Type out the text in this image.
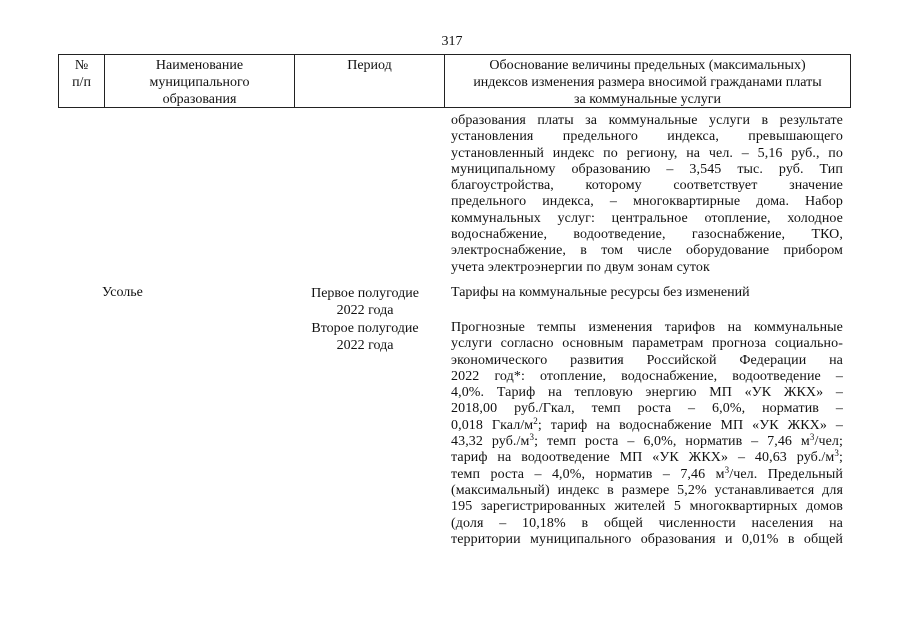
317
№
п/п
Наименование
муниципального
образования
Период	Обоснование величины предельных (максимальных)
индексов изменения размера вносимой гражданами платы
за коммунальные услуги
образования платы за коммунальные услуги в результате
установления предельного индекса, превышающего
установленный индекс по региону, на чел. – 5,16 руб., по
муниципальному образованию – 3,545 тыс. руб. Тип
благоустройства, которому соответствует значение
предельного индекса, – многоквартирные дома. Набор
коммунальных услуг: центральное отопление, холодное
водоснабжение, водоотведение, газоснабжение, ТКО,
электроснабжение, в том числе оборудование прибором
учета электроэнергии по двум зонам суток
Усолье	Первое полугодие
2022 года
Тарифы на коммунальные ресурсы без изменений
Второе полугодие
2022 года
Прогнозные темпы изменения тарифов на коммунальные
услуги согласно основным параметрам прогноза социально-
экономического развития Российской Федерации на
2022 год*: отопление, водоснабжение, водоотведение –
4,0%. Тариф на тепловую энергию МП «УК ЖКХ» –
2018,00 руб./Гкал, темп роста – 6,0%, норматив –
0,018 Гкал/$м^2$; тариф на водоснабжение МП «УК ЖКХ» –
43,32 $руб./м^3$; темп роста – 6,0%, норматив – 7,46 $м^3$/чел;
тариф на водоотведение МП «УК ЖКХ» – 40,63 $руб./м^3$;
темп роста – 4,0%, норматив – 7,46 $м^3$/чел. Предельный
(максимальный) индекс в размере 5,2% устанавливается для
195 зарегистрированных жителей 5 многоквартирных домов
(доля – 10,18% в общей численности населения на
территории муниципального образования и 0,01% в общей
